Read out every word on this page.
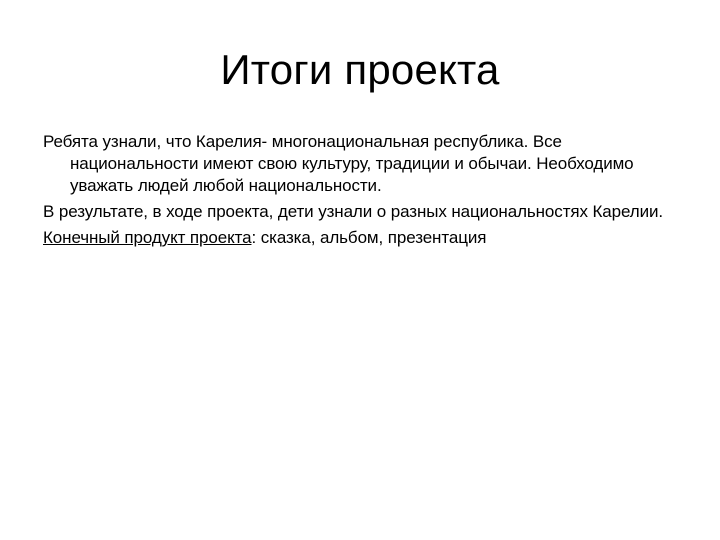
Итоги проекта
Ребята узнали, что Карелия- многонациональная республика. Все национальности имеют свою культуру, традиции и обычаи. Необходимо уважать людей любой национальности.
В результате, в ходе проекта, дети узнали о разных национальностях Карелии.
Конечный продукт проекта: сказка, альбом, презентация
